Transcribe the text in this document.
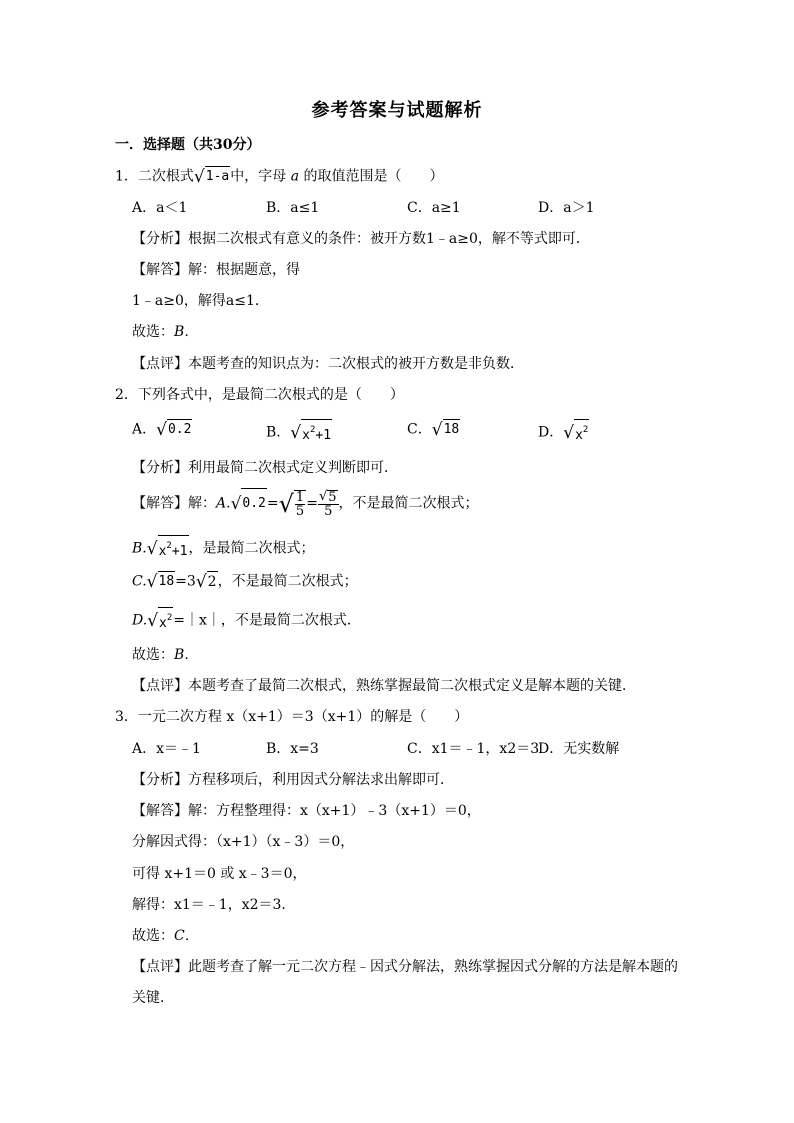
参考答案与试题解析
一．选择题（共30分）
1．二次根式√1-a中，字母 a 的取值范围是（　　）
A．a＜1	B．a≤1	C．a≥1	D．a＞1
【分析】根据二次根式有意义的条件：被开方数1﹣a≥0，解不等式即可．
【解答】解：根据题意，得
1﹣a≥0，解得a≤1．
故选：B．
【点评】本题考查的知识点为：二次根式的被开方数是非负数．
2．下列各式中，是最简二次根式的是（　　）
A．√0.2	B．$√x^2+1$	C．√18	D．$√x^2$
【分析】利用最简二次根式定义判断即可．
【解答】解：$A.√0.2=√ \frac{1}{5} = \frac{√5}{5}$ ，不是最简二次根式；
$B.√x^2+1$，是最简二次根式；
C.√18=3√2，不是最简二次根式；
$D.√x^2=|x|$，不是最简二次根式．
故选：B．
【点评】本题考查了最简二次根式，熟练掌握最简二次根式定义是解本题的关键．
3．一元二次方程 x（x+1）＝3（x+1）的解是（　　）
A．x＝﹣1	B．x=3	C．x1＝﹣1，x2＝3
D．无实数解
【分析】方程移项后，利用因式分解法求出解即可．
【解答】解：方程整理得：x（x+1）﹣3（x+1）＝0，
分解因式得：（x+1）（x﹣3）＝0，
可得 x+1＝0 或 x﹣3＝0，
解得：x1＝﹣1，x2＝3．
故选：C．
【点评】此题考查了解一元二次方程﹣因式分解法，熟练掌握因式分解的方法是解本题的
关键．
